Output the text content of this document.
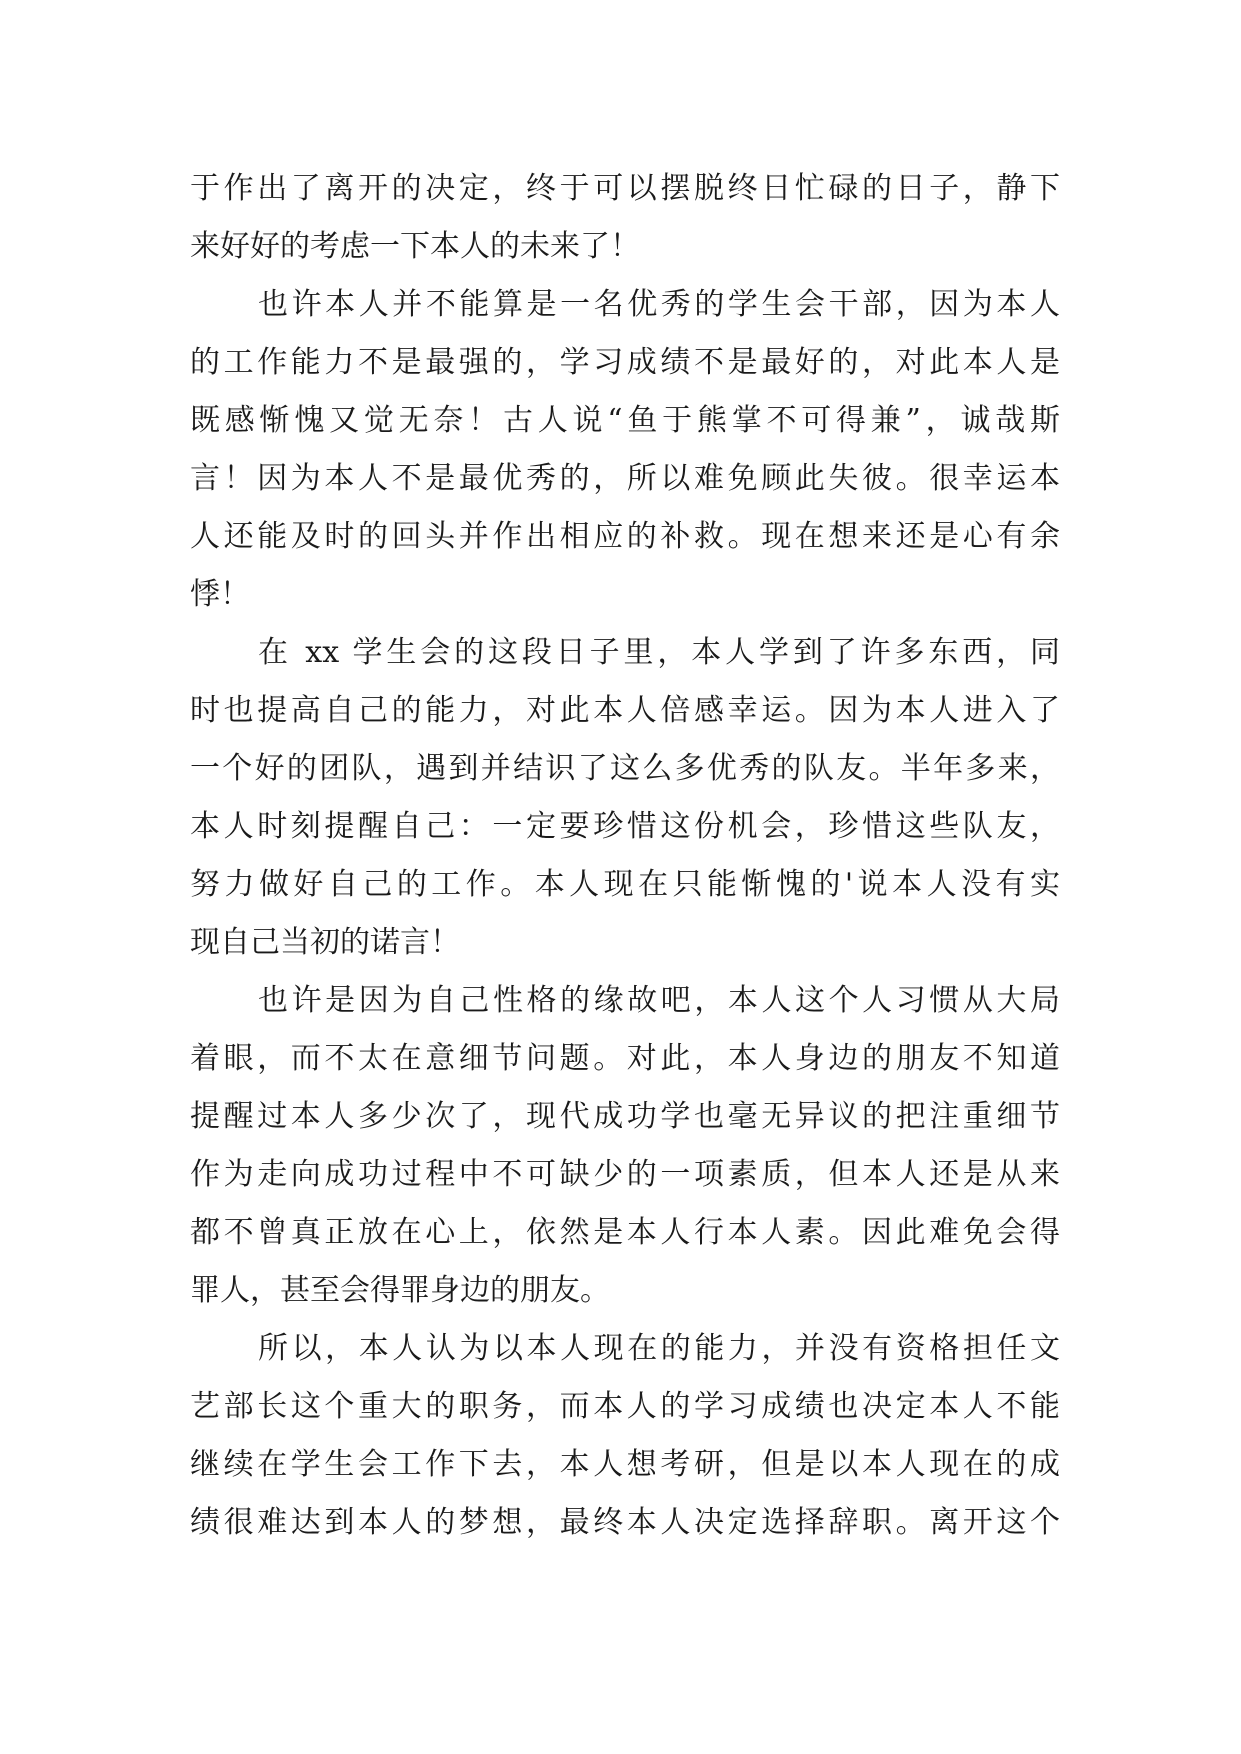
于作出了离开的决定，终于可以摆脱终日忙碌的日子，静下
来好好的考虑一下本人的未来了！
也许本人并不能算是一名优秀的学生会干部，因为本人
的工作能力不是最强的，学习成绩不是最好的，对此本人是
既感惭愧又觉无奈！古人说“鱼于熊掌不可得兼”，诚哉斯
言！因为本人不是最优秀的，所以难免顾此失彼。很幸运本
人还能及时的回头并作出相应的补救。现在想来还是心有余
悸！
在 xx 学生会的这段日子里，本人学到了许多东西，同
时也提高自己的能力，对此本人倍感幸运。因为本人进入了
一个好的团队，遇到并结识了这么多优秀的队友。半年多来，
本人时刻提醒自己：一定要珍惜这份机会，珍惜这些队友，
努力做好自己的工作。本人现在只能惭愧的'说本人没有实
现自己当初的诺言！
也许是因为自己性格的缘故吧，本人这个人习惯从大局
着眼，而不太在意细节问题。对此，本人身边的朋友不知道
提醒过本人多少次了，现代成功学也毫无异议的把注重细节
作为走向成功过程中不可缺少的一项素质，但本人还是从来
都不曾真正放在心上，依然是本人行本人素。因此难免会得
罪人，甚至会得罪身边的朋友。
所以，本人认为以本人现在的能力，并没有资格担任文
艺部长这个重大的职务，而本人的学习成绩也决定本人不能
继续在学生会工作下去，本人想考研，但是以本人现在的成
绩很难达到本人的梦想，最终本人决定选择辞职。离开这个
